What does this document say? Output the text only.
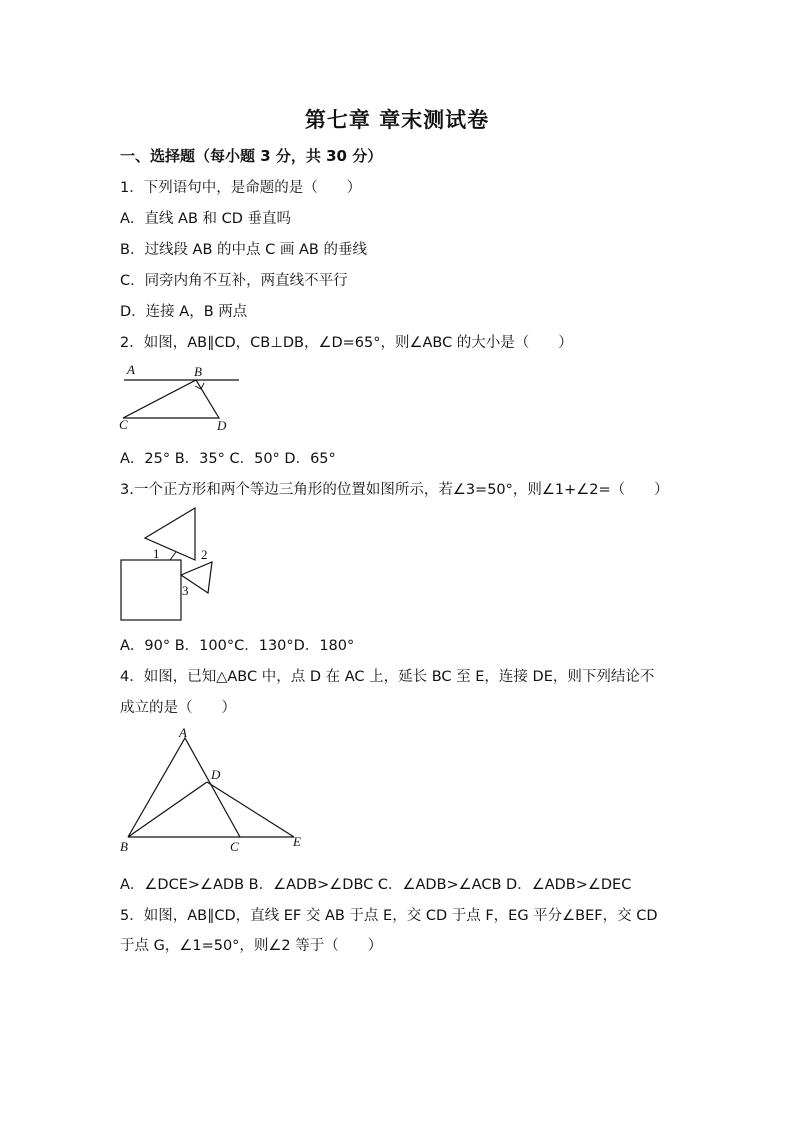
第七章 章末测试卷
一、选择题（每小题 3 分，共 30 分）
1．下列语句中，是命题的是（　　）
A．直线 AB 和 CD 垂直吗
B．过线段 AB 的中点 C 画 AB 的垂线
C．同旁内角不互补，两直线不平行
D．连接 A，B 两点
2．如图，AB∥CD，CB⊥DB，∠D=65°，则∠ABC 的大小是（　　）
A	B
C	D
A．25° B．35° C．50° D．65°
3.一个正方形和两个等边三角形的位置如图所示，若∠3=50°，则∠1+∠2=（　　）
1	2
3
A．90° B．100°C．130°D．180°
4．如图，已知△ABC 中，点 D 在 AC 上，延长 BC 至 E，连接 DE，则下列结论不
成立的是（　　）
A
D
B	C	E
A．∠DCE>∠ADB B．∠ADB>∠DBC C．∠ADB>∠ACB D．∠ADB>∠DEC
5．如图，AB∥CD，直线 EF 交 AB 于点 E，交 CD 于点 F，EG 平分∠BEF，交 CD
于点 G，∠1=50°，则∠2 等于（　　）
